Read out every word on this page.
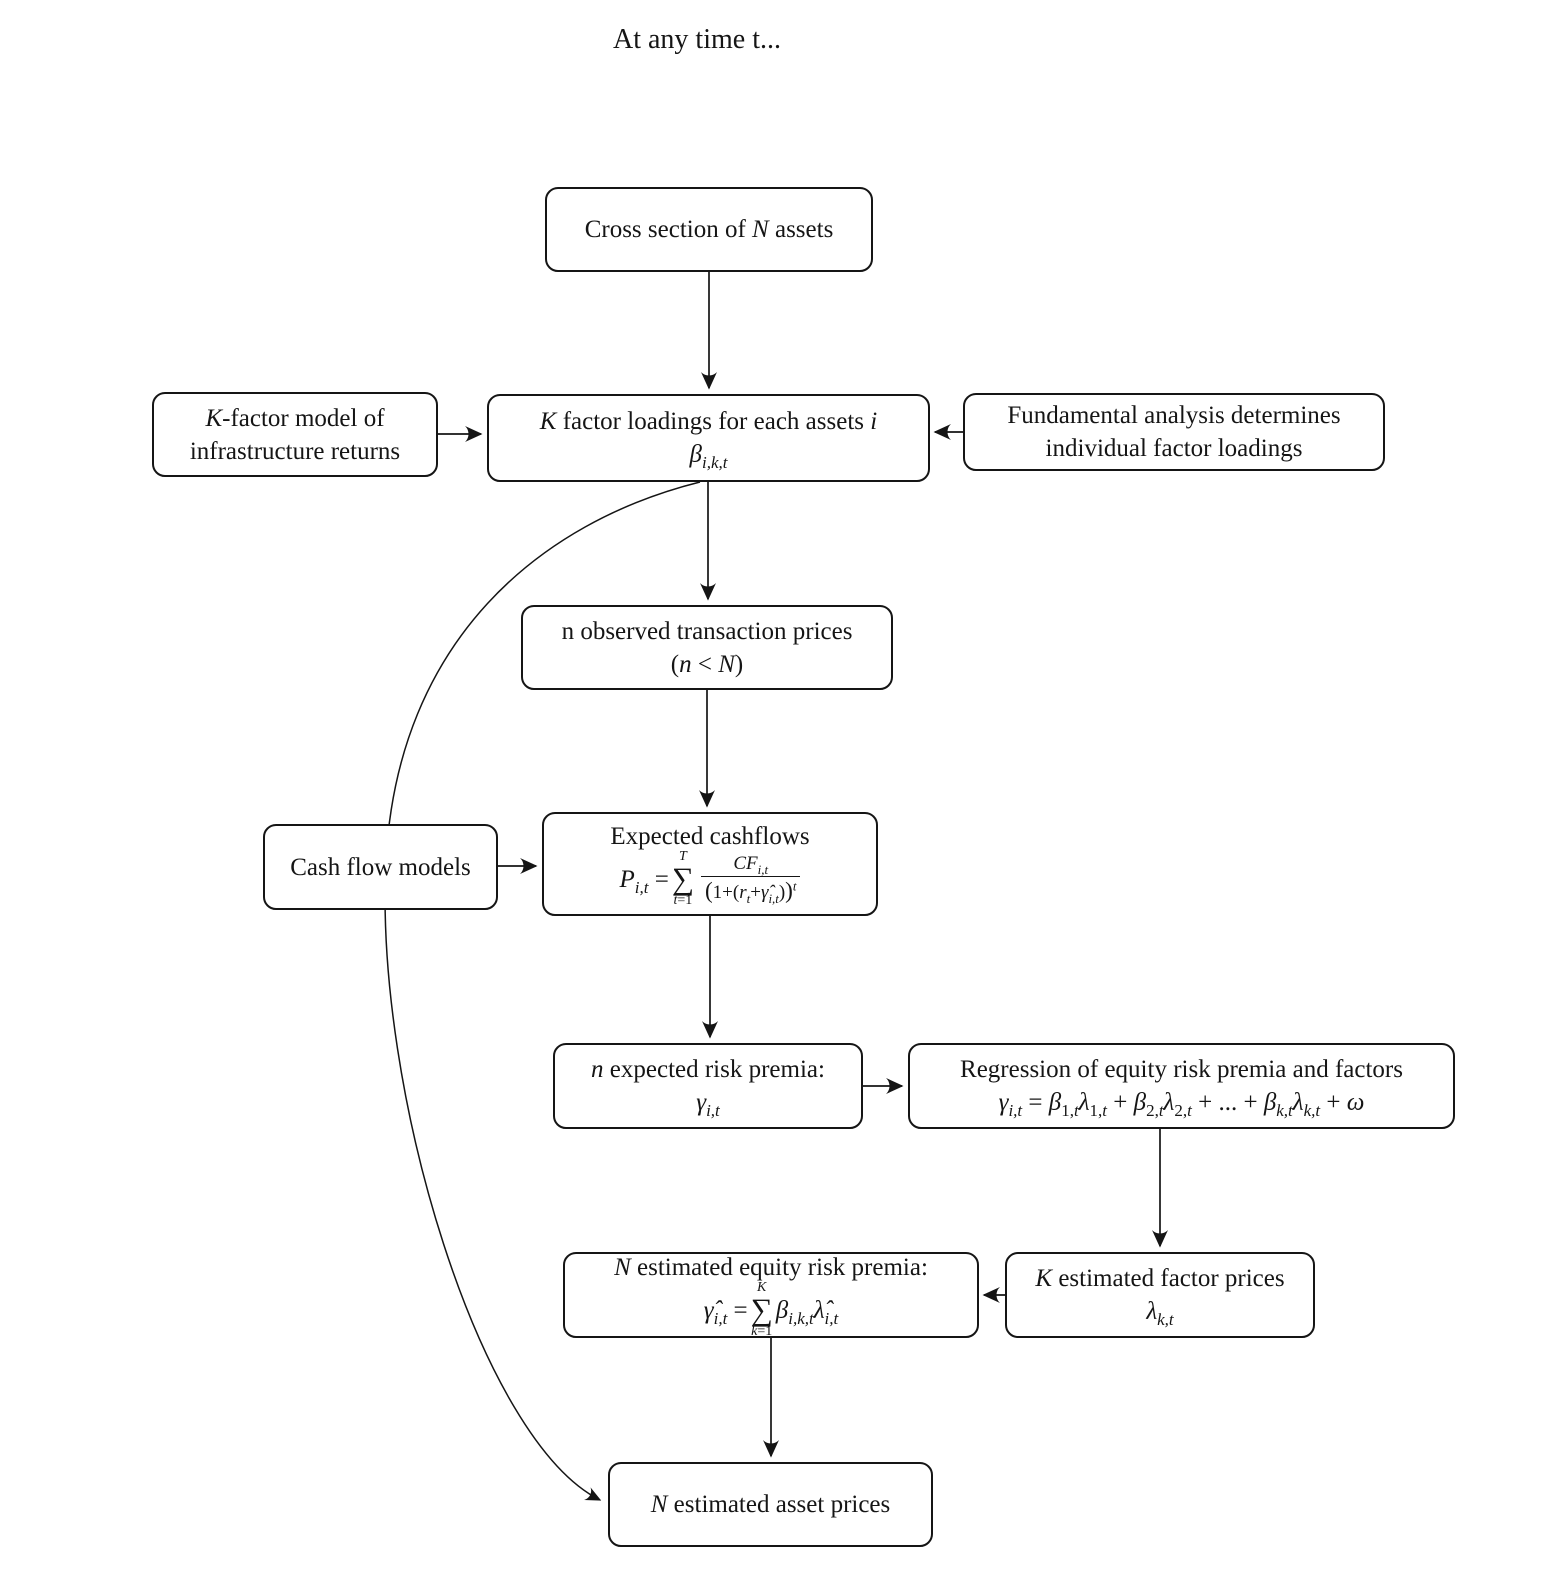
At any time t...
Cross section of N assets
K-factor model of
infrastructure returns
K factor loadings for each assets i
$\beta_{i,k,t}$
Fundamental analysis determines
individual factor loadings
n observed transaction prices
(n < N)
Cash flow models
Expected cashflows
$P_{i,t}$ =
T
∑
$t=1 \frac{CF_{i,t}}{(1+(r_t+\gammâ_{i,t}))^t}$
n expected risk premia:
$\gamma_{i,t}$
Regression of equity risk premia and factors
$\gamma_{i,t} = \beta_{1,t}\lambda_{1,t} + \beta_{2,t}\lambda_{2,t}$ + ... + $\beta_{k,t}\lambda_{k,t} + \omega$
N estimated equity risk premia:
$\gammâ_{i,t}$ =
K
∑
k=1
$\beta_{i,k,t}\lambdâ_{i,t}$
K estimated factor prices
$\lambda_{k,t}$
N estimated asset prices
